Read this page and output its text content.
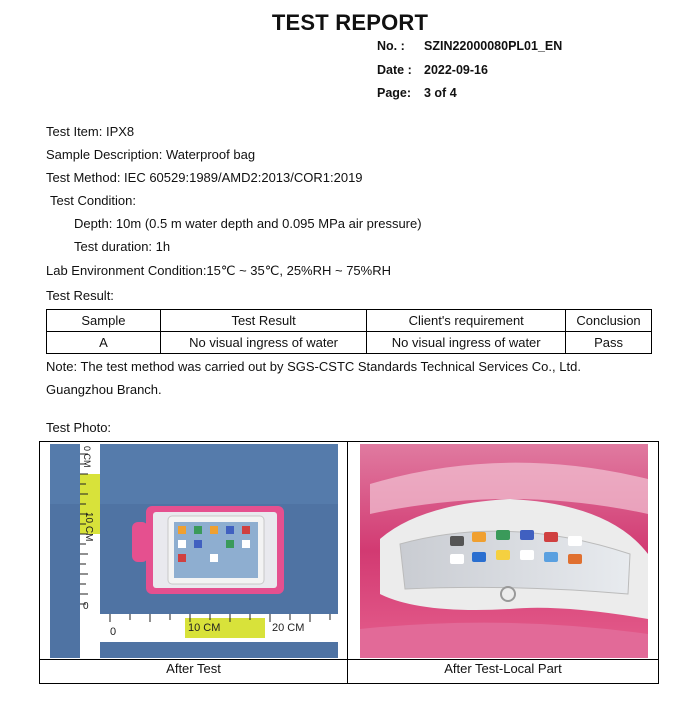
TEST REPORT
No. : SZIN22000080PL01_EN
Date : 2022-09-16
Page: 3 of 4
Test Item: IPX8
Sample Description: Waterproof bag
Test Method: IEC 60529:1989/AMD2:2013/COR1:2019
Test Condition:
Depth: 10m (0.5 m water depth and 0.095 MPa air pressure)
Test duration: 1h
Lab Environment Condition:15℃ ~ 35℃, 25%RH ~ 75%RH
Test Result:
Sample	Test Result	Client's requirement	Conclusion
A	No visual ingress of water	No visual ingress of water	Pass
Note: The test method was carried out by SGS-CSTC Standards Technical Services Co., Ltd.
Guangzhou Branch.
Test Photo:
0 CM
10 CM
0
0	10 CM	20 CM
After Test	After Test-Local Part
